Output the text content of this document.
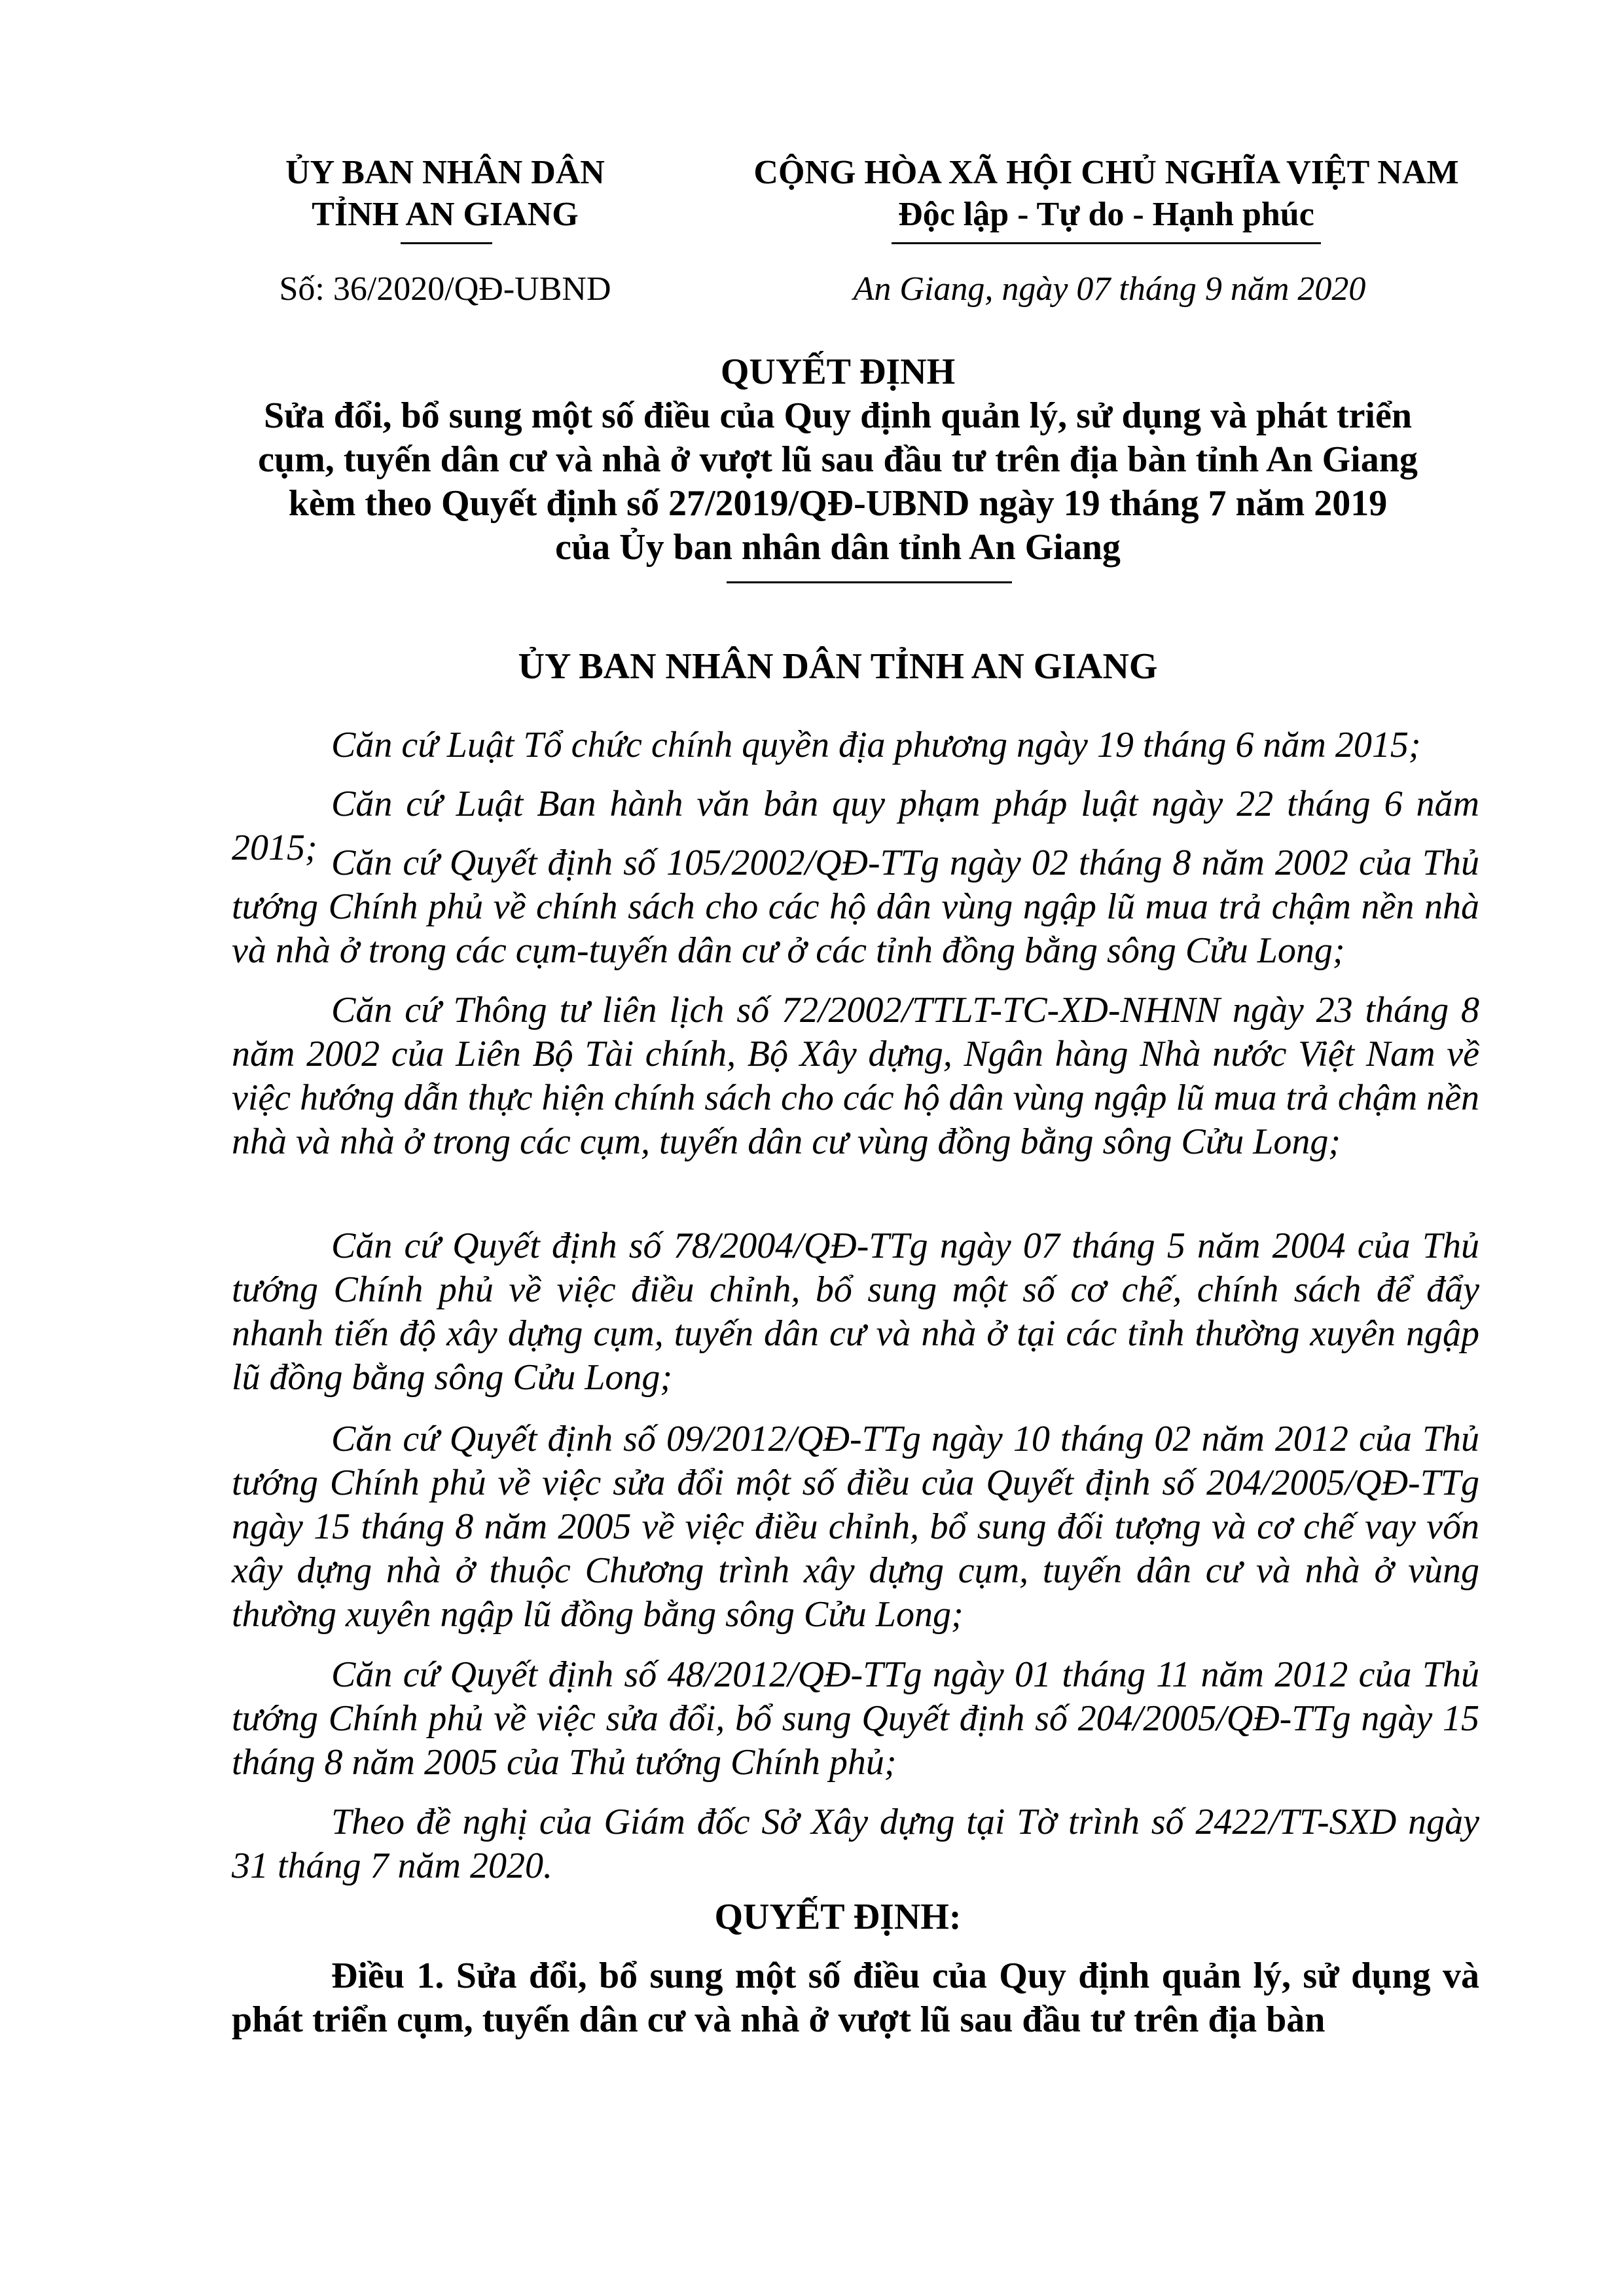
ỦY BAN NHÂN DÂN
TỈNH AN GIANG
Số: 36/2020/QĐ-UBND
CỘNG HÒA XÃ HỘI CHỦ NGHĨA VIỆT NAM
Độc lập - Tự do - Hạnh phúc
An Giang, ngày 07 tháng 9 năm 2020
QUYẾT ĐỊNH
Sửa đổi, bổ sung một số điều của Quy định quản lý, sử dụng và phát triển
cụm, tuyến dân cư và nhà ở vượt lũ sau đầu tư trên địa bàn tỉnh An Giang
kèm theo Quyết định số 27/2019/QĐ-UBND ngày 19 tháng 7 năm 2019
của Ủy ban nhân dân tỉnh An Giang
ỦY BAN NHÂN DÂN TỈNH AN GIANG

Căn cứ Luật Tổ chức chính quyền địa phương ngày 19 tháng 6 năm 2015;

Căn cứ Luật Ban hành văn bản quy phạm pháp luật ngày 22 tháng 6 năm 2015; Căn cứ Quyết định số 105/2002/QĐ-TTg ngày 02 tháng 8 năm 2002 của Thủ tướng Chính phủ về chính sách cho các hộ dân vùng ngập lũ mua trả chậm nền nhà và nhà ở trong các cụm-tuyến dân cư ở các tỉnh đồng bằng sông Cửu Long;

Căn cứ Thông tư liên lịch số 72/2002/TTLT-TC-XD-NHNN ngày 23 tháng 8 năm 2002 của Liên Bộ Tài chính, Bộ Xây dựng, Ngân hàng Nhà nước Việt Nam về việc hướng dẫn thực hiện chính sách cho các hộ dân vùng ngập lũ mua trả chậm nền nhà và nhà ở trong các cụm, tuyến dân cư vùng đồng bằng sông Cửu Long;

Căn cứ Quyết định số 78/2004/QĐ-TTg ngày 07 tháng 5 năm 2004 của Thủ tướng Chính phủ về việc điều chỉnh, bổ sung một số cơ chế, chính sách để đẩy nhanh tiến độ xây dựng cụm, tuyến dân cư và nhà ở tại các tỉnh thường xuyên ngập lũ đồng bằng sông Cửu Long;

Căn cứ Quyết định số 09/2012/QĐ-TTg ngày 10 tháng 02 năm 2012 của Thủ tướng Chính phủ về việc sửa đổi một số điều của Quyết định số 204/2005/QĐ-TTg ngày 15 tháng 8 năm 2005 về việc điều chỉnh, bổ sung đối tượng và cơ chế vay vốn xây dựng nhà ở thuộc Chương trình xây dựng cụm, tuyến dân cư và nhà ở vùng thường xuyên ngập lũ đồng bằng sông Cửu Long;

Căn cứ Quyết định số 48/2012/QĐ-TTg ngày 01 tháng 11 năm 2012 của Thủ tướng Chính phủ về việc sửa đổi, bổ sung Quyết định số 204/2005/QĐ-TTg ngày 15 tháng 8 năm 2005 của Thủ tướng Chính phủ;

Theo đề nghị của Giám đốc Sở Xây dựng tại Tờ trình số 2422/TT-SXD ngày 31 tháng 7 năm 2020.

QUYẾT ĐỊNH:

Điều 1. Sửa đổi, bổ sung một số điều của Quy định quản lý, sử dụng và phát triển cụm, tuyến dân cư và nhà ở vượt lũ sau đầu tư trên địa bàn
